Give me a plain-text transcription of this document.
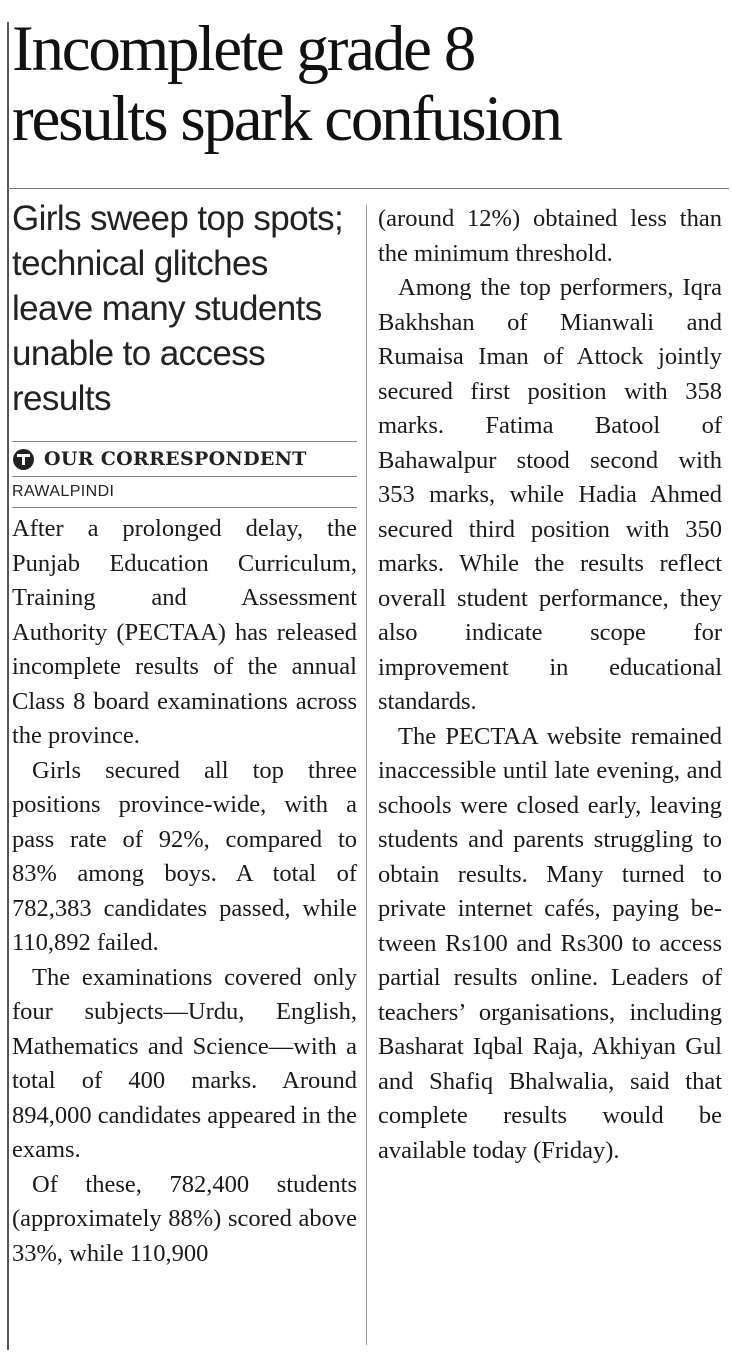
Incomplete grade 8
results spark confusion
Girls sweep top spots; technical glitches leave many students unable to access results
OUR CORRESPONDENT
RAWALPINDI

After a prolonged delay, the Punjab Education Curriculum, Training and Assessment Authority (PECTAA) has released incomplete results of the annual Class 8 board examinations across the province.

Girls secured all top three positions province-wide, with a pass rate of 92%, compared to 83% among boys. A total of 782,383 candidates passed, while 110,892 failed.

The examinations covered only four subjects—Urdu, English, Mathematics and Science—with a total of 400 marks. Around 894,000 candidates appeared in the exams.

Of these, 782,400 students (approximately 88%) scored above 33%, while 110,900

(around 12%) obtained less than the minimum threshold.

Among the top performers, Iqra Bakhshan of Mianwali and Rumaisa Iman of Attock jointly secured first position with 358 marks. Fatima Batool of Bahawalpur stood second with 353 marks, while Hadia Ahmed secured third position with 350 marks. While the results reflect overall student performance, they also indicate scope for improvement in educational standards.

The PECTAA website remained inaccessible until late evening, and schools were closed early, leaving students and parents struggling to obtain results. Many turned to private internet cafés, paying between Rs100 and Rs300 to access partial results online. Leaders of teachers’ organisations, including Basharat Iqbal Raja, Akhiyan Gul and Shafiq Bhalwalia, said that complete results would be available today (Friday).
